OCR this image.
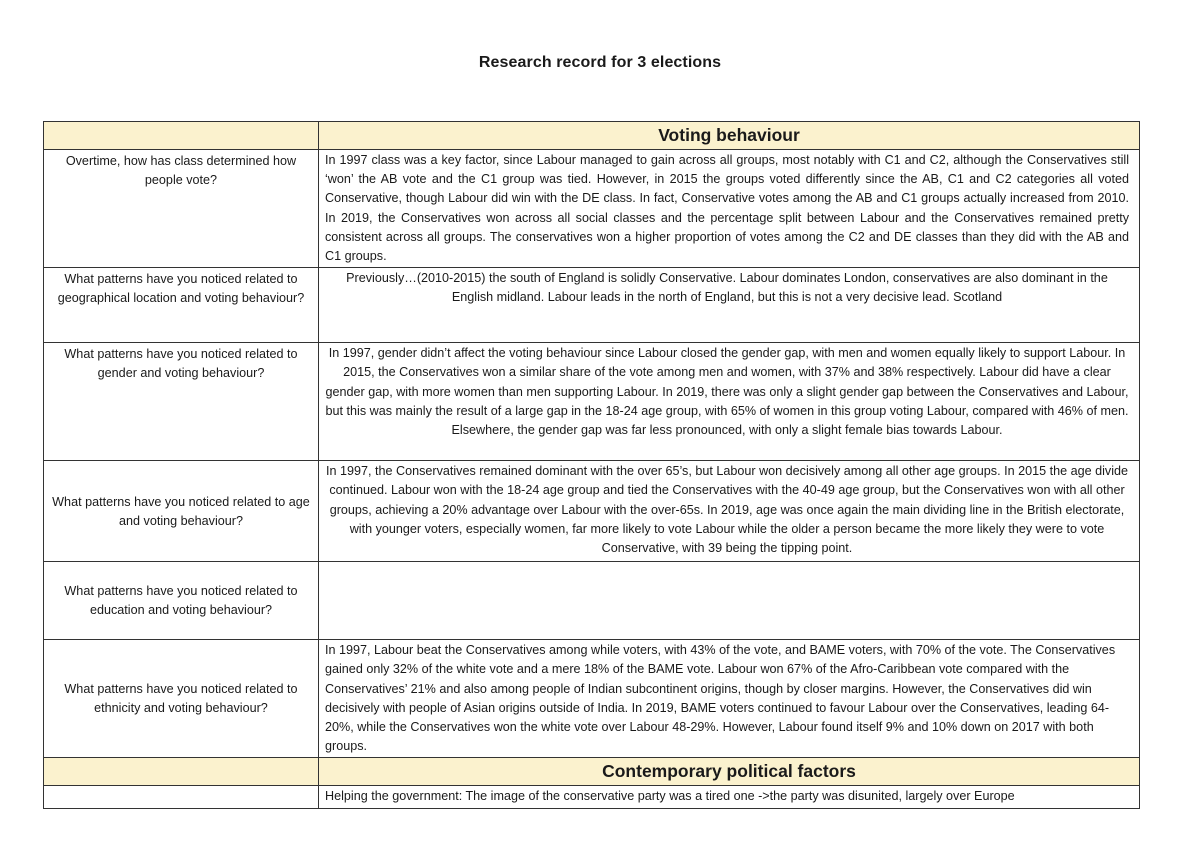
Research record for 3 elections
	Voting behaviour
Overtime, how has class determined how people vote?	In 1997 class was a key factor, since Labour managed to gain across all groups, most notably with C1 and C2, although the Conservatives still ‘won’ the AB vote and the C1 group was tied. However, in 2015 the groups voted differently since the AB, C1 and C2 categories all voted Conservative, though Labour did win with the DE class. In fact, Conservative votes among the AB and C1 groups actually increased from 2010. In 2019, the Conservatives won across all social classes and the percentage split between Labour and the Conservatives remained pretty consistent across all groups. The conservatives won a higher proportion of votes among the C2 and DE classes than they did with the AB and C1 groups.
What patterns have you noticed related to geographical location and voting behaviour?	Previously…(2010-2015) the south of England is solidly Conservative. Labour dominates London, conservatives are also dominant in the English midland. Labour leads in the north of England, but this is not a very decisive lead. Scotland
What patterns have you noticed related to gender and voting behaviour?	In 1997, gender didn’t affect the voting behaviour since Labour closed the gender gap, with men and women equally likely to support Labour. In 2015, the Conservatives won a similar share of the vote among men and women, with 37% and 38% respectively. Labour did have a clear gender gap, with more women than men supporting Labour. In 2019, there was only a slight gender gap between the Conservatives and Labour, but this was mainly the result of a large gap in the 18-24 age group, with 65% of women in this group voting Labour, compared with 46% of men. Elsewhere, the gender gap was far less pronounced, with only a slight female bias towards Labour.
What patterns have you noticed related to age and voting behaviour?	In 1997, the Conservatives remained dominant with the over 65’s, but Labour won decisively among all other age groups. In 2015 the age divide continued. Labour won with the 18-24 age group and tied the Conservatives with the 40-49 age group, but the Conservatives won with all other groups, achieving a 20% advantage over Labour with the over-65s. In 2019, age was once again the main dividing line in the British electorate, with younger voters, especially women, far more likely to vote Labour while the older a person became the more likely they were to vote Conservative, with 39 being the tipping point.
What patterns have you noticed related to education and voting behaviour?	
What patterns have you noticed related to ethnicity and voting behaviour?	In 1997, Labour beat the Conservatives among while voters, with 43% of the vote, and BAME voters, with 70% of the vote. The Conservatives gained only 32% of the white vote and a mere 18% of the BAME vote. Labour won 67% of the Afro-Caribbean vote compared with the Conservatives’ 21% and also among people of Indian subcontinent origins, though by closer margins. However, the Conservatives did win decisively with people of Asian origins outside of India. In 2019, BAME voters continued to favour Labour over the Conservatives, leading 64-20%, while the Conservatives won the white vote over Labour 48-29%. However, Labour found itself 9% and 10% down on 2017 with both groups.
	Contemporary political factors
	Helping the government: The image of the conservative party was a tired one ->the party was disunited, largely over Europe
